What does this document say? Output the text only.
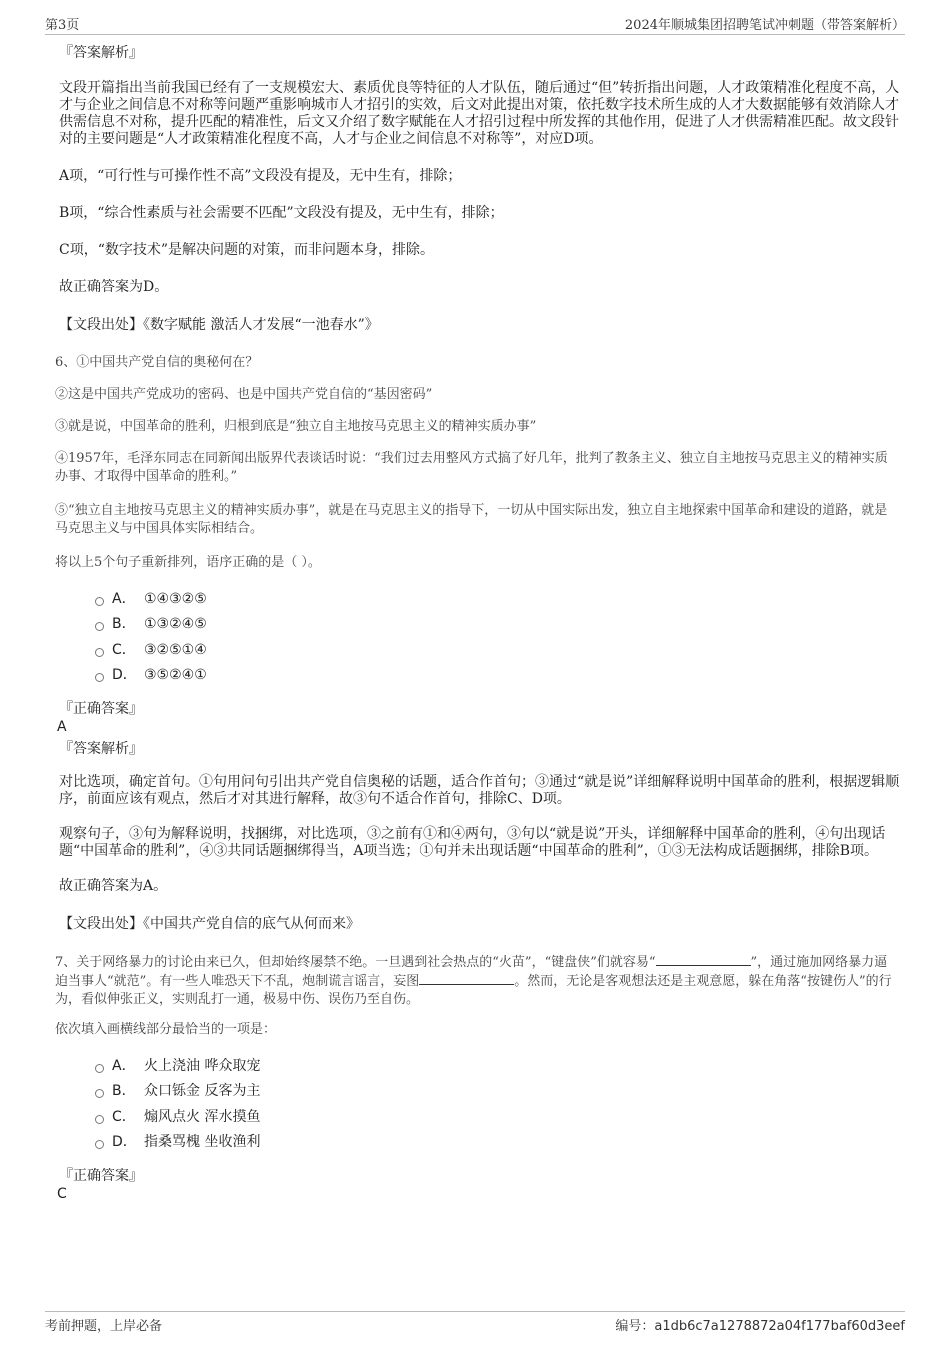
第3页	2024年顺城集团招聘笔试冲刺题（带答案解析）
『答案解析』
文段开篇指出当前我国已经有了一支规模宏大、素质优良等特征的人才队伍，随后通过“但”转折指出问题，人才政策精准化程度不高，人才与企业之间信息不对称等问题严重影响城市人才招引的实效，后文对此提出对策，依托数字技术所生成的人才大数据能够有效消除人才供需信息不对称，提升匹配的精准性，后文又介绍了数字赋能在人才招引过程中所发挥的其他作用，促进了人才供需精准匹配。故文段针对的主要问题是“人才政策精准化程度不高，人才与企业之间信息不对称等”，对应D项。
A项，“可行性与可操作性不高”文段没有提及，无中生有，排除；
B项，“综合性素质与社会需要不匹配”文段没有提及，无中生有，排除；
C项，“数字技术”是解决问题的对策，而非问题本身，排除。
故正确答案为D。
【文段出处】《数字赋能 激活人才发展“一池春水”》
6、①中国共产党自信的奥秘何在？
②这是中国共产党成功的密码、也是中国共产党自信的“基因密码”
③就是说，中国革命的胜利，归根到底是“独立自主地按马克思主义的精神实质办事”
④1957年，毛泽东同志在同新闻出版界代表谈话时说：“我们过去用整风方式搞了好几年，批判了教条主义、独立自主地按马克思主义的精神实质办事、才取得中国革命的胜利。”
⑤“独立自主地按马克思主义的精神实质办事”，就是在马克思主义的指导下，一切从中国实际出发，独立自主地探索中国革命和建设的道路，就是马克思主义与中国具体实际相结合。
将以上5个句子重新排列，语序正确的是（ ）。
A． ①④③②⑤
B． ①③②④⑤
C． ③②⑤①④
D． ③⑤②④①
『正确答案』
A
『答案解析』
对比选项，确定首句。①句用问句引出共产党自信奥秘的话题，适合作首句；③通过“就是说”详细解释说明中国革命的胜利，根据逻辑顺序，前面应该有观点，然后才对其进行解释，故③句不适合作首句，排除C、D项。
观察句子，③句为解释说明，找捆绑，对比选项，③之前有①和④两句，③句以“就是说”开头，详细解释中国革命的胜利，④句出现话题“中国革命的胜利”，④③共同话题捆绑得当，A项当选；①句并未出现话题“中国革命的胜利”，①③无法构成话题捆绑，排除B项。
故正确答案为A。
【文段出处】《中国共产党自信的底气从何而来》
7、关于网络暴力的讨论由来已久，但却始终屡禁不绝。一旦遇到社会热点的“火苗”，“键盘侠”们就容易“	”，通过施加网络暴力逼迫当事人“就范”。有一些人唯恐天下不乱，炮制谎言谣言，妄图	。然而，无论是客观想法还是主观意愿，躲在角落“按键伤人”的行为，看似伸张正义，实则乱打一通，极易中伤、误伤乃至自伤。
依次填入画横线部分最恰当的一项是：
A． 火上浇油 哗众取宠
B． 众口铄金 反客为主
C． 煽风点火 浑水摸鱼
D． 指桑骂槐 坐收渔利
『正确答案』
C
考前押题，上岸必备	编号：a1db6c7a1278872a04f177baf60d3eef
